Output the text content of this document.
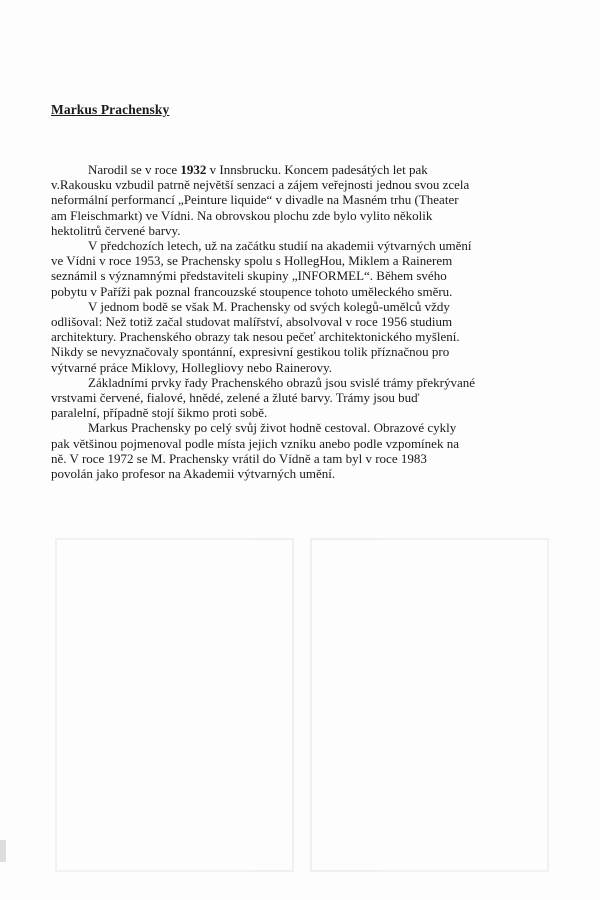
Markus Prachensky

Narodil se v roce 1932 v Innsbrucku. Koncem padesátých let pak
v.Rakousku vzbudil patrně největší senzaci a zájem veřejnosti jednou svou zcela
neformální performancí „Peinture liquide“ v divadle na Masném trhu (Theater
am Fleischmarkt) ve Vídni. Na obrovskou plochu zde bylo vylito několik
hektolitrů červené barvy.

V předchozích letech, už na začátku studií na akademii výtvarných umění
ve Vídni v roce 1953, se Prachensky spolu s HollegHou, Miklem a Rainerem
seznámil s významnými představiteli skupiny „INFORMEL“. Během svého
pobytu v Paříži pak poznal francouzské stoupence tohoto uměleckého směru.

V jednom bodě se však M. Prachensky od svých kolegů-umělců vždy
odlišoval: Než totiž začal studovat malířství, absolvoval v roce 1956 studium
architektury. Prachenského obrazy tak nesou pečeť architektonického myšlení.
Nikdy se nevyznačovaly spontánní, expresivní gestikou tolik příznačnou pro
výtvarné práce Miklovy, Hollegliovy nebo Rainerovy.

Základními prvky řady Prachenského obrazů jsou svislé trámy překrývané
vrstvami červené, fialové, hnědé, zelené a žluté barvy. Trámy jsou buď
paralelní, případně stojí šikmo proti sobě.

Markus Prachensky po celý svůj život hodně cestoval. Obrazové cykly
pak většinou pojmenoval podle místa jejich vzniku anebo podle vzpomínek na
ně. V roce 1972 se M. Prachensky vrátil do Vídně a tam byl v roce 1983
povolán jako profesor na Akademii výtvarných umění.
